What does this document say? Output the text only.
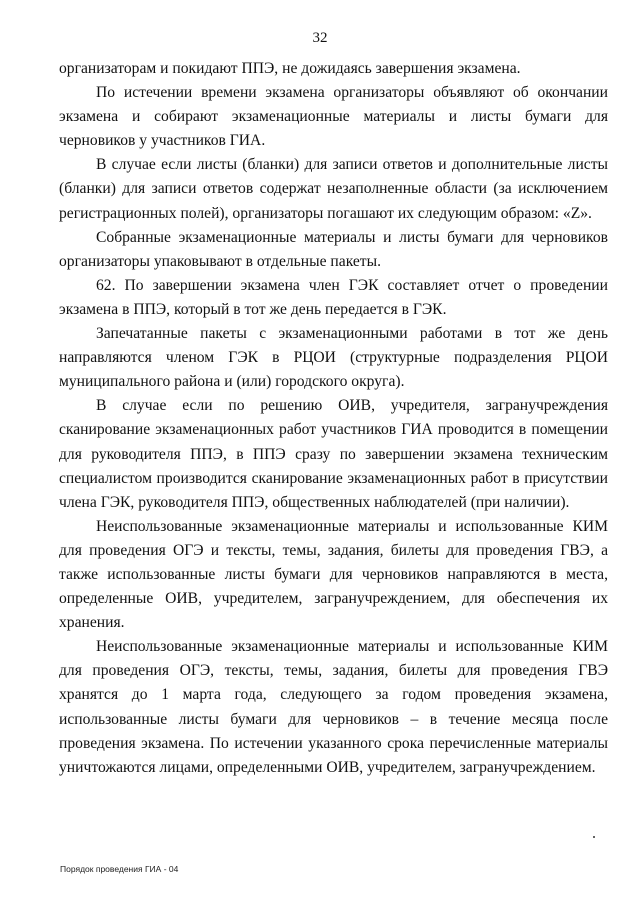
32

организаторам и покидают ППЭ, не дожидаясь завершения экзамена.

По истечении времени экзамена организаторы объявляют об окончании экзамена и собирают экзаменационные материалы и листы бумаги для черновиков у участников ГИА.

В случае если листы (бланки) для записи ответов и дополнительные листы (бланки) для записи ответов содержат незаполненные области (за исключением регистрационных полей), организаторы погашают их следующим образом: «Z».

Собранные экзаменационные материалы и листы бумаги для черновиков организаторы упаковывают в отдельные пакеты.

62. По завершении экзамена член ГЭК составляет отчет о проведении экзамена в ППЭ, который в тот же день передается в ГЭК.

Запечатанные пакеты с экзаменационными работами в тот же день направляются членом ГЭК в РЦОИ (структурные подразделения РЦОИ муниципального района и (или) городского округа).

В случае если по решению ОИВ, учредителя, загранучреждения сканирование экзаменационных работ участников ГИА проводится в помещении для руководителя ППЭ, в ППЭ сразу по завершении экзамена техническим специалистом производится сканирование экзаменационных работ в присутствии члена ГЭК, руководителя ППЭ, общественных наблюдателей (при наличии).

Неиспользованные экзаменационные материалы и использованные КИМ для проведения ОГЭ и тексты, темы, задания, билеты для проведения ГВЭ, а также использованные листы бумаги для черновиков направляются в места, определенные ОИВ, учредителем, загранучреждением, для обеспечения их хранения.

Неиспользованные экзаменационные материалы и использованные КИМ для проведения ОГЭ, тексты, темы, задания, билеты для проведения ГВЭ хранятся до 1 марта года, следующего за годом проведения экзамена, использованные листы бумаги для черновиков – в течение месяца после проведения экзамена. По истечении указанного срока перечисленные материалы уничтожаются лицами, определенными ОИВ, учредителем, загранучреждением.

Порядок проведения ГИА - 04
